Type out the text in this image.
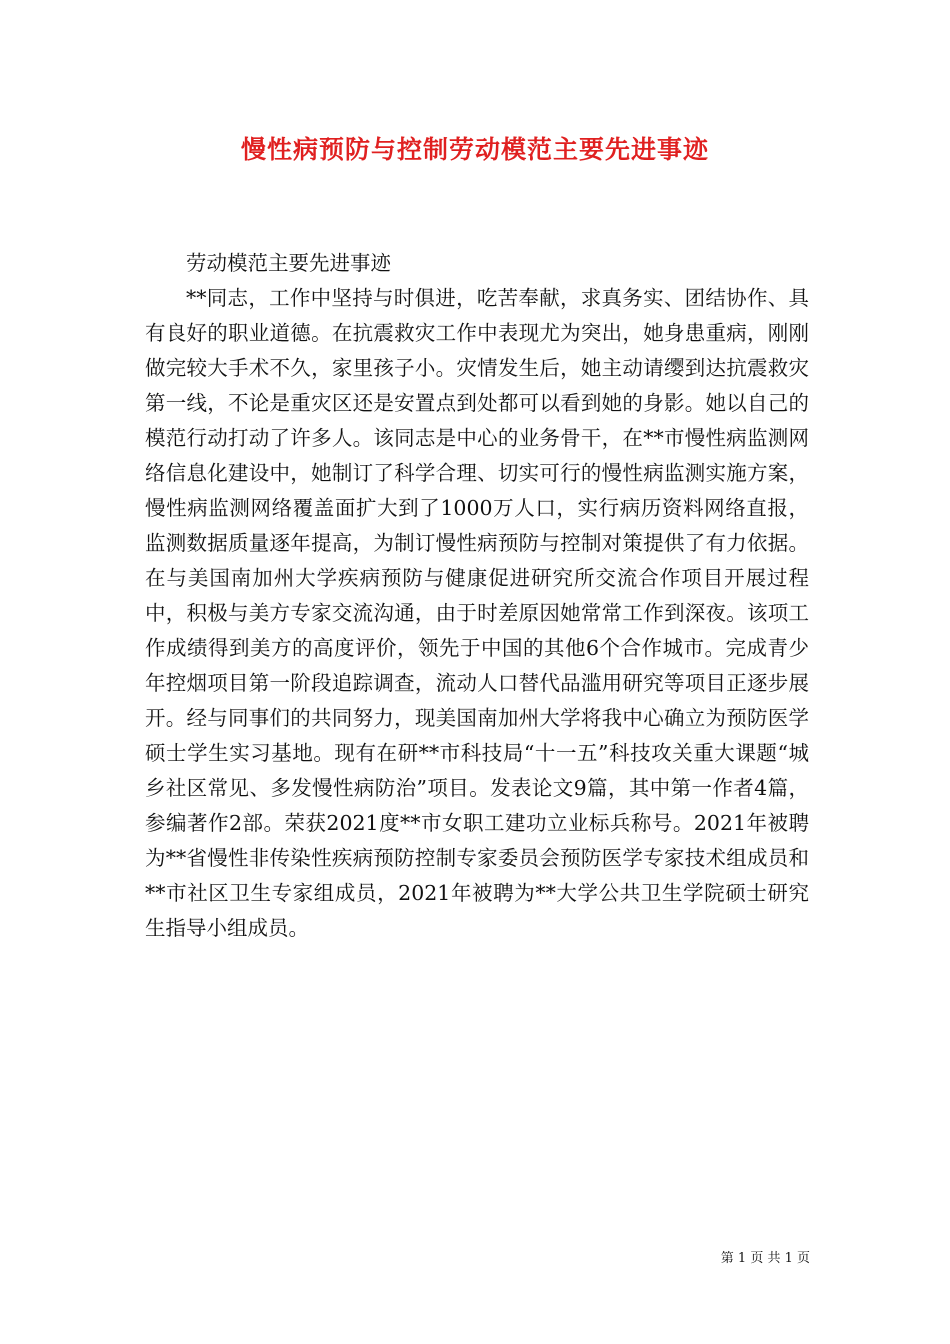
慢性病预防与控制劳动模范主要先进事迹

劳动模范主要先进事迹

**同志，工作中坚持与时俱进，吃苦奉献，求真务实、团结协作、具有良好的职业道德。在抗震救灾工作中表现尤为突出，她身患重病，刚刚做完较大手术不久，家里孩子小。灾情发生后，她主动请缨到达抗震救灾第一线，不论是重灾区还是安置点到处都可以看到她的身影。她以自己的模范行动打动了许多人。该同志是中心的业务骨干，在**市慢性病监测网络信息化建设中，她制订了科学合理、切实可行的慢性病监测实施方案，慢性病监测网络覆盖面扩大到了1000万人口，实行病历资料网络直报，监测数据质量逐年提高，为制订慢性病预防与控制对策提供了有力依据。在与美国南加州大学疾病预防与健康促进研究所交流合作项目开展过程中，积极与美方专家交流沟通，由于时差原因她常常工作到深夜。该项工作成绩得到美方的高度评价，领先于中国的其他6个合作城市。完成青少年控烟项目第一阶段追踪调查，流动人口替代品滥用研究等项目正逐步展开。经与同事们的共同努力，现美国南加州大学将我中心确立为预防医学硕士学生实习基地。现有在研**市科技局“十一五”科技攻关重大课题“城乡社区常见、多发慢性病防治”项目。发表论文9篇，其中第一作者4篇，参编著作2部。荣获2021度**市女职工建功立业标兵称号。2021年被聘为**省慢性非传染性疾病预防控制专家委员会预防医学专家技术组成员和**市社区卫生专家组成员，2021年被聘为**大学公共卫生学院硕士研究生指导小组成员。

第 1 页 共 1 页
